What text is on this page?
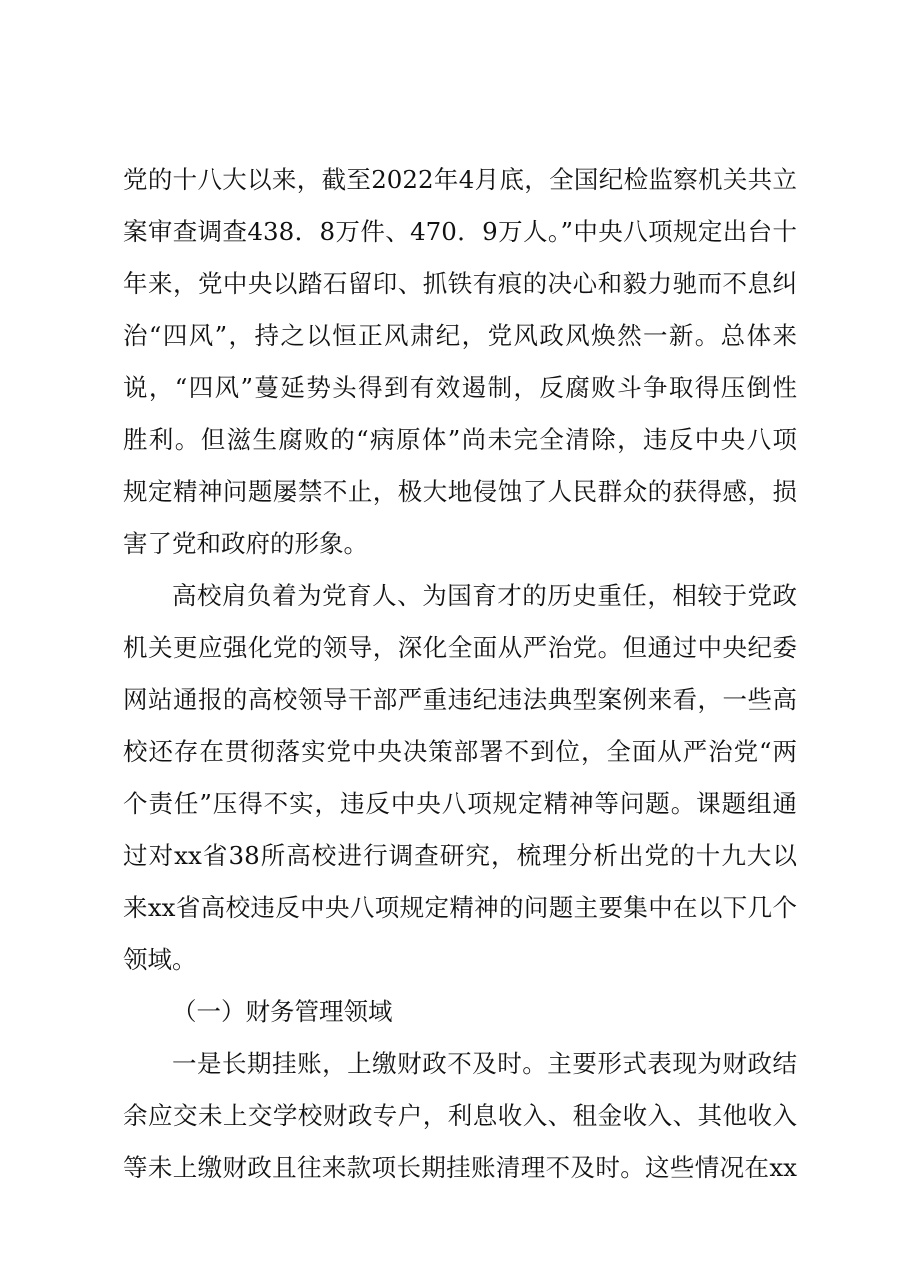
党的十八大以来，截至2022年4月底，全国纪检监察机关共立
案审查调查438．8万件、470．9万人。”中央八项规定出台十
年来，党中央以踏石留印、抓铁有痕的决心和毅力驰而不息纠
治“四风”，持之以恒正风肃纪，党风政风焕然一新。总体来
说，“四风”蔓延势头得到有效遏制，反腐败斗争取得压倒性
胜利。但滋生腐败的“病原体”尚未完全清除，违反中央八项
规定精神问题屡禁不止，极大地侵蚀了人民群众的获得感，损
害了党和政府的形象。
高校肩负着为党育人、为国育才的历史重任，相较于党政
机关更应强化党的领导，深化全面从严治党。但通过中央纪委
网站通报的高校领导干部严重违纪违法典型案例来看，一些高
校还存在贯彻落实党中央决策部署不到位，全面从严治党“两
个责任”压得不实，违反中央八项规定精神等问题。课题组通
过对xx省38所高校进行调查研究，梳理分析出党的十九大以
来xx省高校违反中央八项规定精神的问题主要集中在以下几个
领域。
（一）财务管理领域
一是长期挂账，上缴财政不及时。主要形式表现为财政结
余应交未上交学校财政专户，利息收入、租金收入、其他收入
等未上缴财政且往来款项长期挂账清理不及时。这些情况在xx
